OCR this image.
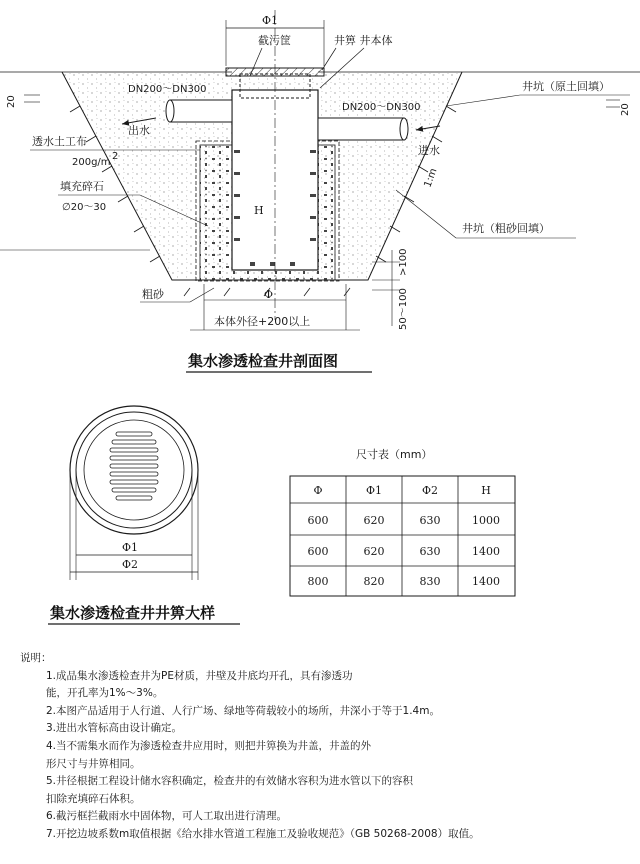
Φ1
截污筐	井箅 井本体
DN200～DN300
DN200～DN300
20
20
出水
进水
透水土工布
200g/m
2
填充碎石
∅20～30
井坑（原土回填）
井坑（粗砂回填）
1:m
粗砂
>100
50～100
Φ
本体外径+200以上
H
集水渗透检查井剖面图
Φ1
Φ2
集水渗透检查井井箅大样
尺寸表（mm）
Φ	Φ1	Φ2	H
600	620	630	1000
600	620	630	1400
800	820	830	1400
说明：
1.成品集水渗透检查井为PE材质，井壁及井底均开孔，具有渗透功
能，开孔率为1%～3%。
2.本图产品适用于人行道、人行广场、绿地等荷载较小的场所，井深小于等于1.4m。
3.进出水管标高由设计确定。
4.当不需集水而作为渗透检查井应用时，则把井箅换为井盖，井盖的外
形尺寸与井箅相同。
5.井径根据工程设计储水容积确定，检查井的有效储水容积为进水管以下的容积
扣除充填碎石体积。
6.截污框拦截雨水中固体物，可人工取出进行清理。
7.开挖边坡系数m取值根据《给水排水管道工程施工及验收规范》（GB 50268-2008）取值。
